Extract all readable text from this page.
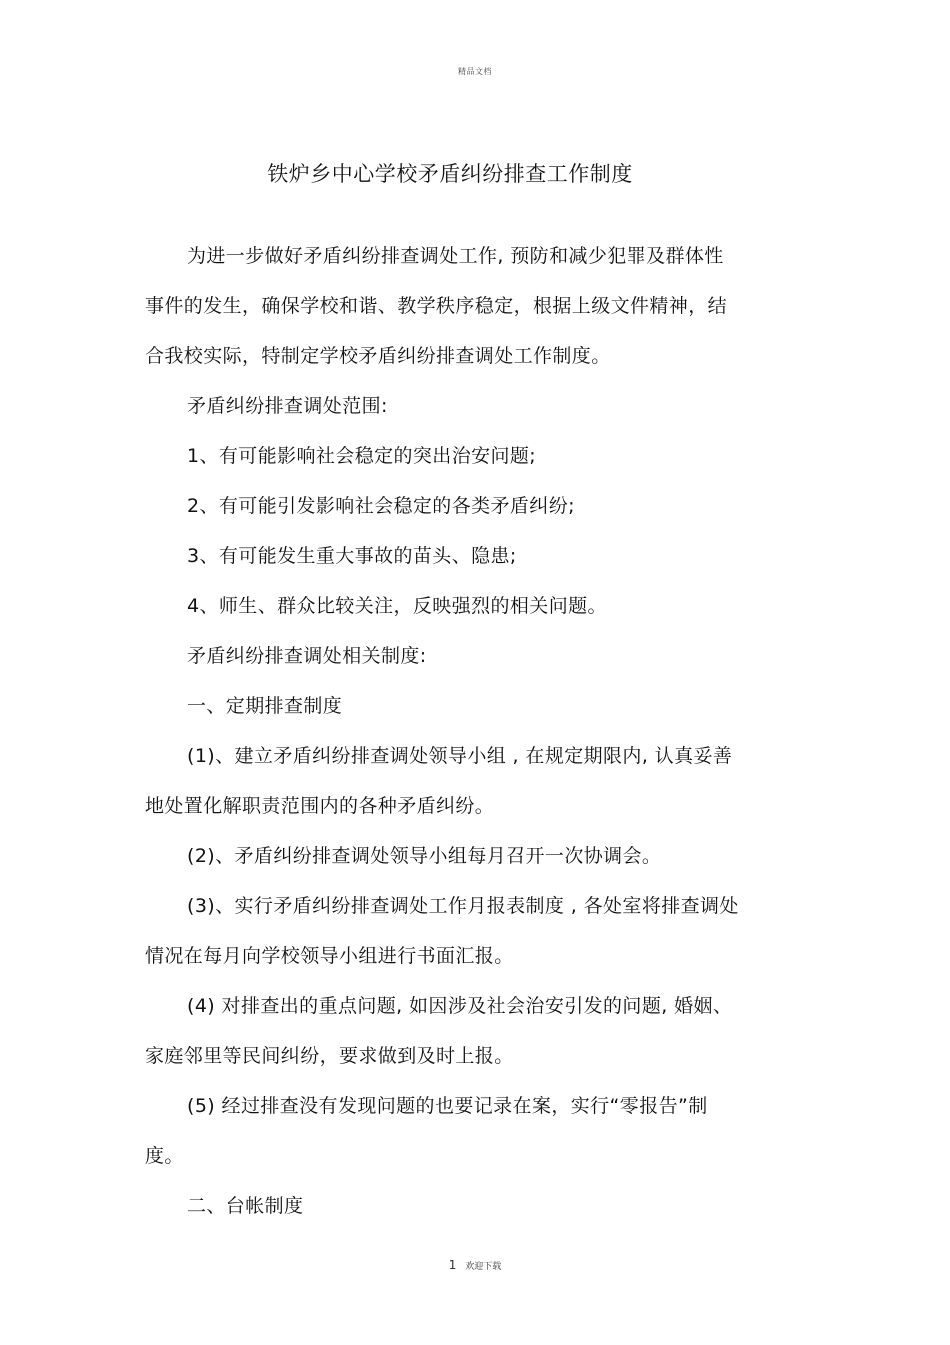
精品文档
铁炉乡中心学校矛盾纠纷排查工作制度
为进一步做好矛盾纠纷排查调处工作, 预防和减少犯罪及群体性
事件的发生，确保学校和谐、教学秩序稳定，根据上级文件精神，结
合我校实际，特制定学校矛盾纠纷排查调处工作制度。
矛盾纠纷排查调处范围:
1、有可能影响社会稳定的突出治安问题;
2、有可能引发影响社会稳定的各类矛盾纠纷;
3、有可能发生重大事故的苗头、隐患;
4、师生、群众比较关注，反映强烈的相关问题。
矛盾纠纷排查调处相关制度:
一、定期排查制度
(1)、建立矛盾纠纷排查调处领导小组 , 在规定期限内, 认真妥善
地处置化解职责范围内的各种矛盾纠纷。
(2)、矛盾纠纷排查调处领导小组每月召开一次协调会。
(3)、实行矛盾纠纷排查调处工作月报表制度 , 各处室将排查调处
情况在每月向学校领导小组进行书面汇报。
(4) 对排查出的重点问题, 如因涉及社会治安引发的问题, 婚姻、
家庭邻里等民间纠纷，要求做到及时上报。
(5) 经过排查没有发现问题的也要记录在案，实行“零报告”制
度。
二、台帐制度
1 欢迎下载
